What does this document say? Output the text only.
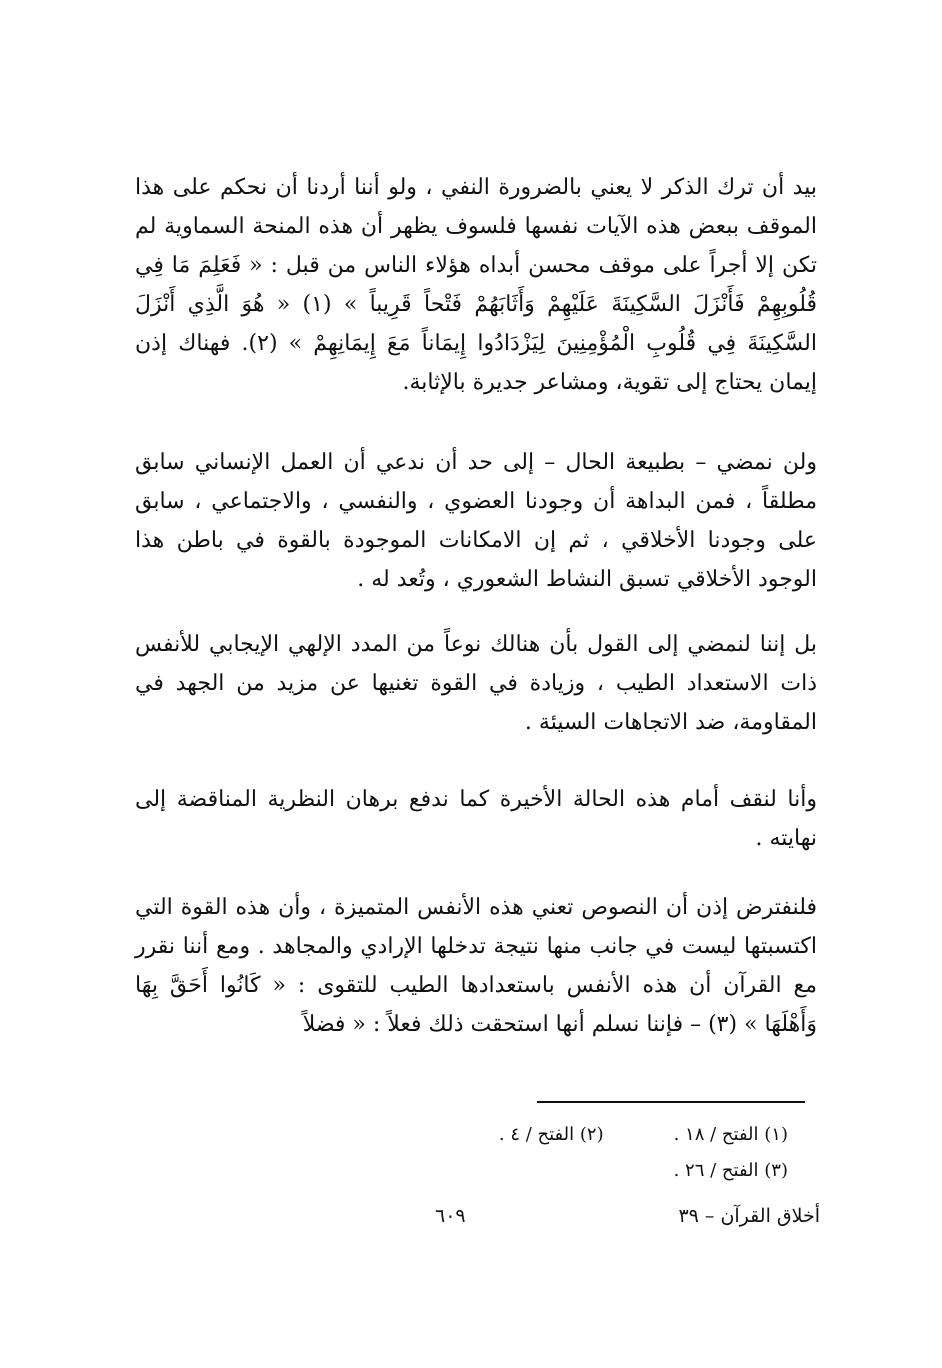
بيد أن ترك الذكر لا يعني بالضرورة النفي ، ولو أننا أردنا أن نحكم على هذا الموقف ببعض هذه الآيات نفسها فلسوف يظهر أن هذه المنحة السماوية لم تكن إلا أجراً على موقف محسن أبداه هؤلاء الناس من قبل : « فَعَلِمَ مَا فِي قُلُوبِهِمْ فَأَنْزَلَ السَّكِينَةَ عَلَيْهِمْ وَأَثَابَهُمْ فَتْحاً قَرِيباً » (١) « هُوَ الَّذِي أَنْزَلَ السَّكِينَةَ فِي قُلُوبِ الْمُؤْمِنِينَ لِيَزْدَادُوا إِيمَاناً مَعَ إِيمَانِهِمْ » (٢). فهناك إذن إيمان يحتاج إلى تقوية، ومشاعر جديرة بالإثابة.

ولن نمضي – بطبيعة الحال – إلى حد أن ندعي أن العمل الإنساني سابق مطلقاً ، فمن البداهة أن وجودنا العضوي ، والنفسي ، والاجتماعي ، سابق على وجودنا الأخلاقي ، ثم إن الامكانات الموجودة بالقوة في باطن هذا الوجود الأخلاقي تسبق النشاط الشعوري ، وتُعد له .

بل إننا لنمضي إلى القول بأن هنالك نوعاً من المدد الإلهي الإيجابي للأنفس ذات الاستعداد الطيب ، وزيادة في القوة تغنيها عن مزيد من الجهد في المقاومة، ضد الاتجاهات السيئة .

وأنا لنقف أمام هذه الحالة الأخيرة كما ندفع برهان النظرية المناقضة إلى نهايته .

فلنفترض إذن أن النصوص تعني هذه الأنفس المتميزة ، وأن هذه القوة التي اكتسبتها ليست في جانب منها نتيجة تدخلها الإرادي والمجاهد . ومع أننا نقرر مع القرآن أن هذه الأنفس باستعدادها الطيب للتقوى : « كَانُوا أَحَقَّ بِهَا وَأَهْلَهَا » (٣) – فإننا نسلم أنها استحقت ذلك فعلاً : « فضلاً

(١) الفتح / ١٨ .(٢) الفتح / ٤ .
(٣) الفتح / ٢٦ .
أخلاق القرآن – ٣٩
٦٠٩
